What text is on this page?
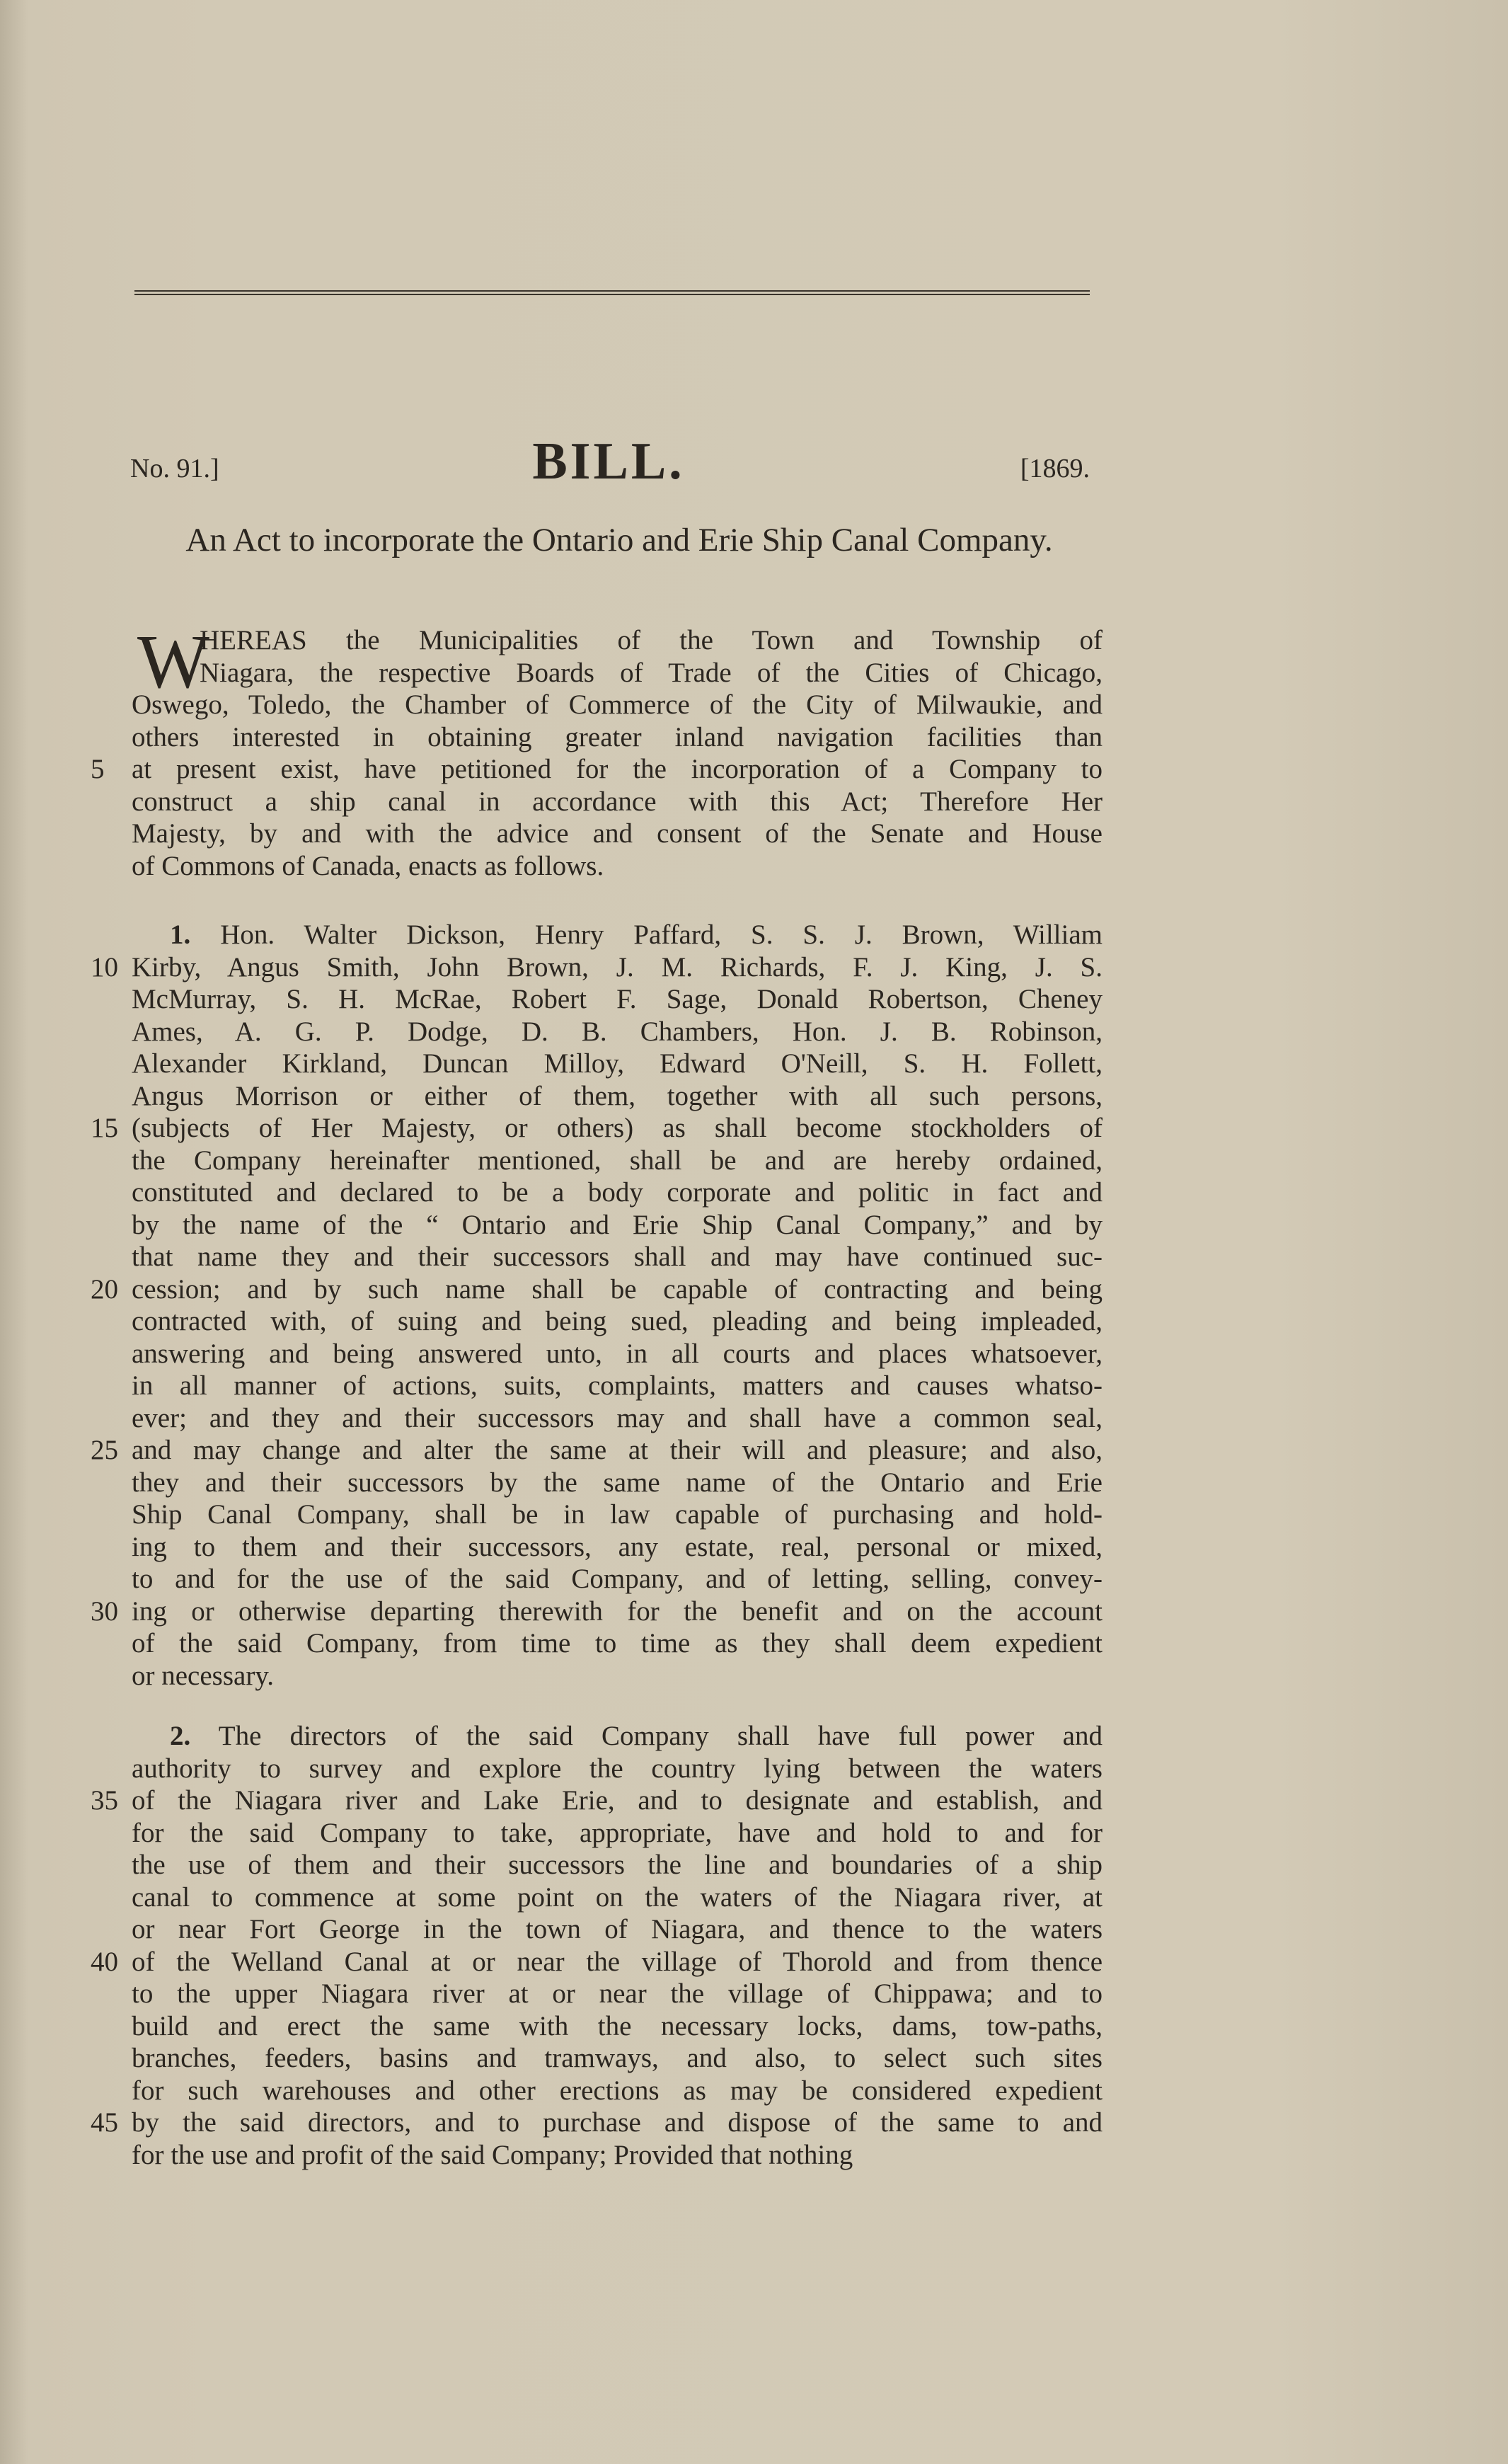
No. 91.]	BILL.	[1869.
An Act to incorporate the Ontario and Erie Ship Canal Company.
W
HEREAS the Municipalities of the Town and Township of
Niagara, the respective Boards of Trade of the Cities of Chicago,
Oswego, Toledo, the Chamber of Commerce of the City of Milwaukie, and
others interested in obtaining greater inland navigation facilities than
5 at present exist, have petitioned for the incorporation of a Company to
construct a ship canal in accordance with this Act; Therefore Her
Majesty, by and with the advice and consent of the Senate and House
of Commons of Canada, enacts as follows.
1. Hon. Walter Dickson, Henry Paffard, S. S. J. Brown, William
10 Kirby, Angus Smith, John Brown, J. M. Richards, F. J. King, J. S.
McMurray, S. H. McRae, Robert F. Sage, Donald Robertson, Cheney
Ames, A. G. P. Dodge, D. B. Chambers, Hon. J. B. Robinson,
Alexander Kirkland, Duncan Milloy, Edward O'Neill, S. H. Follett,
Angus Morrison or either of them, together with all such persons,
15 (subjects of Her Majesty, or others) as shall become stockholders of
the Company hereinafter mentioned, shall be and are hereby ordained,
constituted and declared to be a body corporate and politic in fact and
by the name of the “ Ontario and Erie Ship Canal Company,” and by
that name they and their successors shall and may have continued suc-
20 cession; and by such name shall be capable of contracting and being
contracted with, of suing and being sued, pleading and being impleaded,
answering and being answered unto, in all courts and places whatsoever,
in all manner of actions, suits, complaints, matters and causes whatso-
ever; and they and their successors may and shall have a common seal,
25 and may change and alter the same at their will and pleasure; and also,
they and their successors by the same name of the Ontario and Erie
Ship Canal Company, shall be in law capable of purchasing and hold-
ing to them and their successors, any estate, real, personal or mixed,
to and for the use of the said Company, and of letting, selling, convey-
30 ing or otherwise departing therewith for the benefit and on the account
of the said Company, from time to time as they shall deem expedient
or necessary.
2. The directors of the said Company shall have full power and
authority to survey and explore the country lying between the waters
35 of the Niagara river and Lake Erie, and to designate and establish, and
for the said Company to take, appropriate, have and hold to and for
the use of them and their successors the line and boundaries of a ship
canal to commence at some point on the waters of the Niagara river, at
or near Fort George in the town of Niagara, and thence to the waters
40 of the Welland Canal at or near the village of Thorold and from thence
to the upper Niagara river at or near the village of Chippawa; and to
build and erect the same with the necessary locks, dams, tow-paths,
branches, feeders, basins and tramways, and also, to select such sites
for such warehouses and other erections as may be considered expedient
45 by the said directors, and to purchase and dispose of the same to and
for the use and profit of the said Company; Provided that nothing
